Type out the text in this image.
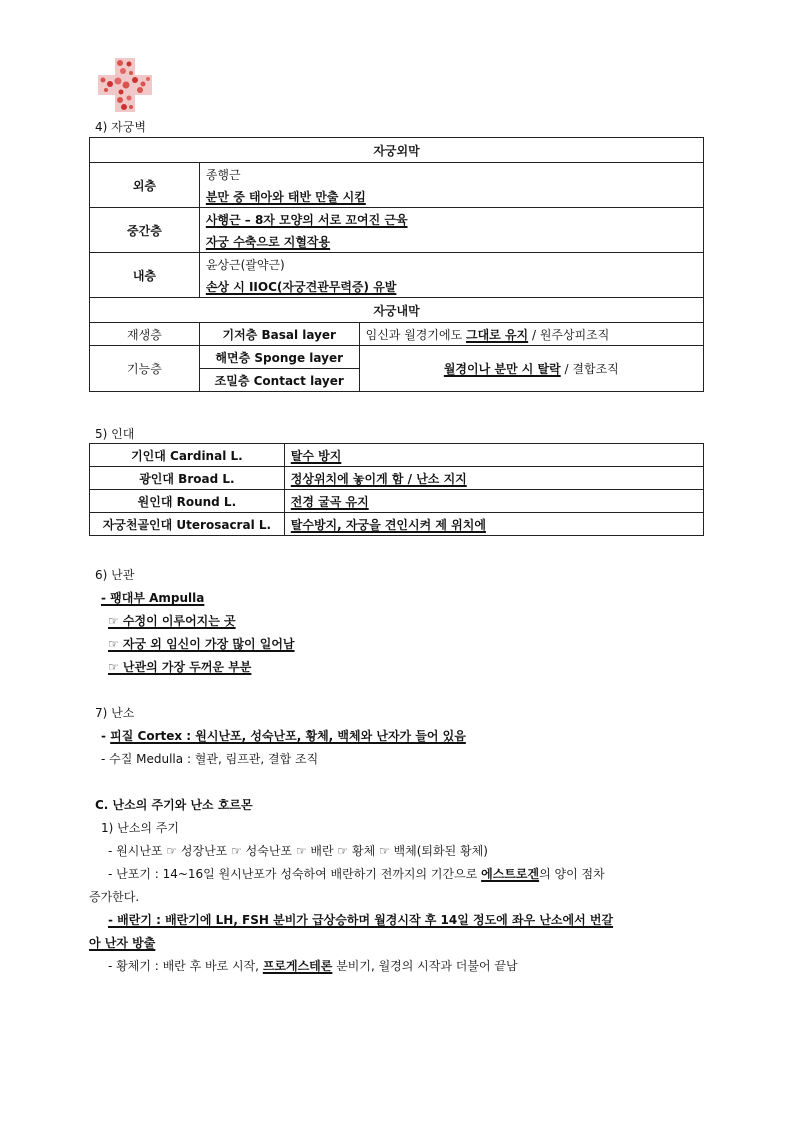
4) 자궁벽
자궁외막		
외층	종행근	
	분만 중 태아와 태반 만출 시킴	
중간층	사행근 – 8자 모양의 서로 꼬여진 근육	
	자궁 수축으로 지혈작용	
내층	윤상근(괄약근)	
	손상 시 IIOC(자궁견관무력증) 유발	
자궁내막		
재생층	기저층 Basal layer	임신과 월경기에도 그대로 유지 / 원주상피조직
기능층	해면층 Sponge layer	월경이나 분만 시 탈락 / 결합조직
	조밀층 Contact layer	
5) 인대
기인대 Cardinal L.	탈수 방지
광인대 Broad L.	정상위치에 놓이게 함 / 난소 지지
원인대 Round L.	전경 굴곡 유지
자궁천골인대 Uterosacral L.	탈수방지, 자궁을 견인시켜 제 위치에
6) 난관
- 팽대부 Ampulla
☞ 수정이 이루어지는 곳
☞ 자궁 외 임신이 가장 많이 일어남
☞ 난관의 가장 두꺼운 부분
7) 난소
- 피질 Cortex : 원시난포, 성숙난포, 황체, 백체와 난자가 들어 있음
- 수질 Medulla : 혈관, 림프관, 결합 조직
C. 난소의 주기와 난소 호르몬
1) 난소의 주기
- 원시난포 ☞ 성장난포 ☞ 성숙난포 ☞ 배란 ☞ 황체 ☞ 백체(퇴화된 황체)
- 난포기 : 14~16일 원시난포가 성숙하여 배란하기 전까지의 기간으로 에스트로겐의 양이 점차
증가한다.
- 배란기 : 배란기에 LH, FSH 분비가 급상승하며 월경시작 후 14일 정도에 좌우 난소에서 번갈
아 난자 방출
- 황체기 : 배란 후 바로 시작, 프로게스테론 분비기, 월경의 시작과 더불어 끝남
